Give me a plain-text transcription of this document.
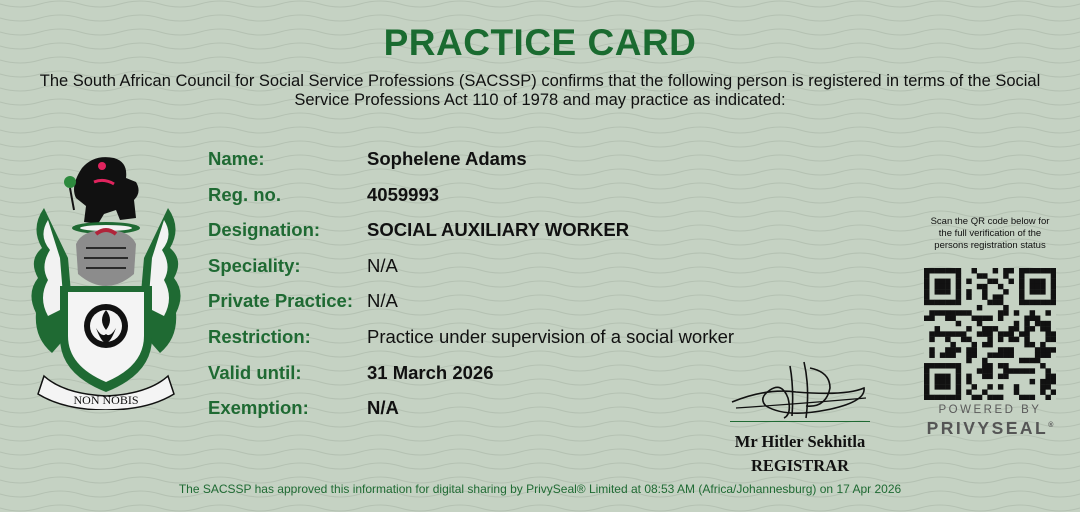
PRACTICE CARD
The South African Council for Social Service Professions (SACSSP) confirms that the following person is registered in terms of the Social
Service Professions Act 110 of 1978 and may practice as indicated:
NON NOBIS
Name:	Sophelene Adams
Reg. no.	4059993
Designation:	SOCIAL AUXILIARY WORKER
Speciality:	N/A
Private Practice: N/A
Restriction:	Practice under supervision of a social worker
Valid until:	31 March 2026
Exemption:	N/A
Mr Hitler Sekhitla
REGISTRAR
Scan the QR code below for
the full verification of the
persons registration status
POWERED BY
PRIVYSEAL®
The SACSSP has approved this information for digital sharing by PrivySeal® Limited at 08:53 AM (Africa/Johannesburg) on 17 Apr 2026
